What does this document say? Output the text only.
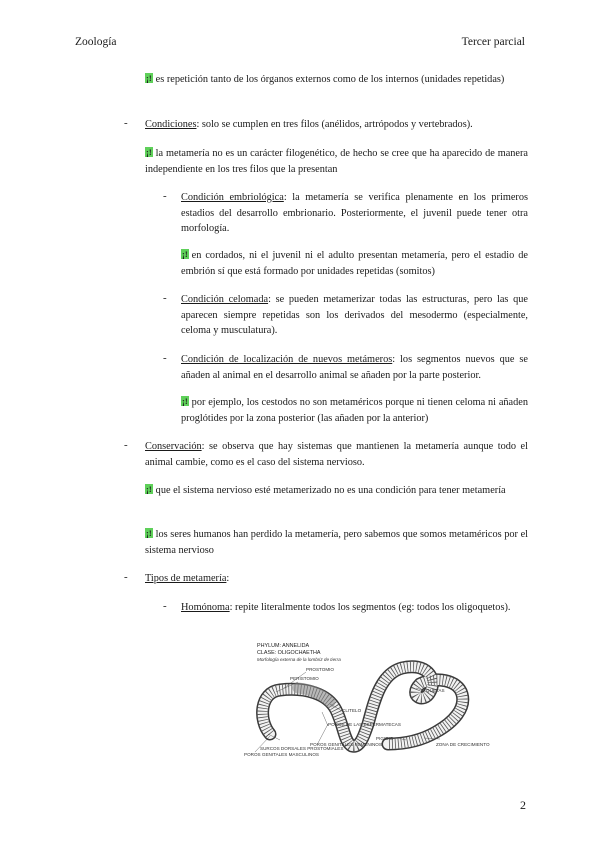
Zoología	Tercer parcial
¡! es repetición tanto de los órganos externos como de los internos (unidades repetidas)
- Condiciones: solo se cumplen en tres filos (anélidos, artrópodos y vertebrados).
¡! la metamería no es un carácter filogenético, de hecho se cree que ha aparecido de manera independiente en los tres filos que la presentan
- Condición embriológica: la metamería se verifica plenamente en los primeros estadios del desarrollo embrionario. Posteriormente, el juvenil puede tener otra morfología.
¡! en cordados, ni el juvenil ni el adulto presentan metamería, pero el estadio de embrión sí que está formado por unidades repetidas (somitos)
- Condición celomada: se pueden metamerizar todas las estructuras, pero las que aparecen siempre repetidas son los derivados del mesodermo (especialmente, celoma y musculatura).
- Condición de localización de nuevos metámeros: los segmentos nuevos que se añaden al animal en el desarrollo animal se añaden por la parte posterior.
¡! por ejemplo, los cestodos no son metaméricos porque ni tienen celoma ni añaden proglótides por la zona posterior (las añaden por la anterior)
- Conservación: se observa que hay sistemas que mantienen la metamería aunque todo el animal cambie, como es el caso del sistema nervioso.
¡! que el sistema nervioso esté metamerizado no es una condición para tener metamería
¡! los seres humanos han perdido la metamería, pero sabemos que somos metaméricos por el sistema nervioso
- Tipos de metamería:
- Homónoma: repite literalmente todos los segmentos (eg: todos los oligoquetos).
PHYLUM: ANNELIDA
CLASE: OLIGOCHAETHA
Morfología externa de la lombriz de tierra
PROSTOMIO
PERISTOMIO
CLITELO
POROS DE LAS ESPERMATECAS
POROS GENITALES FEMENINOS
SURCOS DORSALES PROSTOMIALES
QUETAS
PIGIDIO
ZONA DE CRECIMIENTO
POROS GENITALES MASCULINOS
2
